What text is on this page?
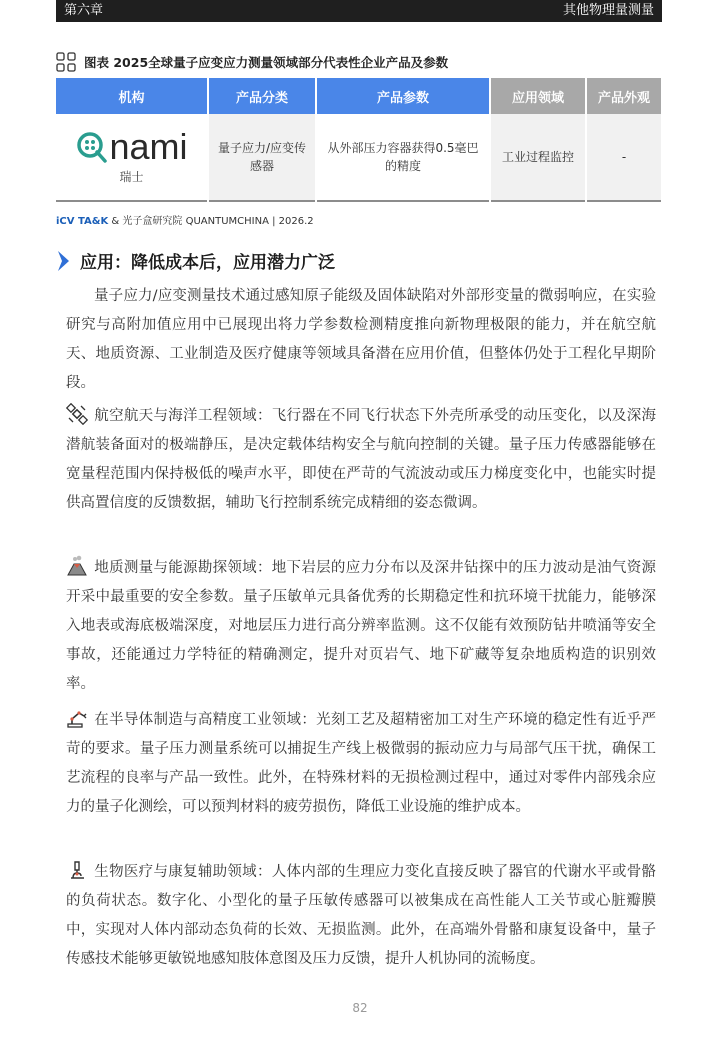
第六章	其他物理量测量
图表 2025全球量子应变应力测量领域部分代表性企业产品及参数
机构	产品分类	产品参数	应用领域	产品外观

nami
瑞士	量子应力/应变传感器	从外部压力容器获得0.5毫巴的精度	工业过程监控	-
iCV TA&K & 光子盒研究院 QUANTUMCHINA | 2026.2
应用：降低成本后，应用潜力广泛
量子应力/应变测量技术通过感知原子能级及固体缺陷对外部形变量的微弱响应，在实验研究与高附加值应用中已展现出将力学参数检测精度推向新物理极限的能力，并在航空航天、地质资源、工业制造及医疗健康等领域具备潜在应用价值，但整体仍处于工程化早期阶段。
航空航天与海洋工程领域：飞行器在不同飞行状态下外壳所承受的动压变化，以及深海潜航装备面对的极端静压，是决定载体结构安全与航向控制的关键。量子压力传感器能够在宽量程范围内保持极低的噪声水平，即使在严苛的气流波动或压力梯度变化中，也能实时提供高置信度的反馈数据，辅助飞行控制系统完成精细的姿态微调。
地质测量与能源勘探领域：地下岩层的应力分布以及深井钻探中的压力波动是油气资源开采中最重要的安全参数。量子压敏单元具备优秀的长期稳定性和抗环境干扰能力，能够深入地表或海底极端深度，对地层压力进行高分辨率监测。这不仅能有效预防钻井喷涌等安全事故，还能通过力学特征的精确测定，提升对页岩气、地下矿藏等复杂地质构造的识别效率。
在半导体制造与高精度工业领域：光刻工艺及超精密加工对生产环境的稳定性有近乎严苛的要求。量子压力测量系统可以捕捉生产线上极微弱的振动应力与局部气压干扰，确保工艺流程的良率与产品一致性。此外，在特殊材料的无损检测过程中，通过对零件内部残余应力的量子化测绘，可以预判材料的疲劳损伤，降低工业设施的维护成本。
生物医疗与康复辅助领域：人体内部的生理应力变化直接反映了器官的代谢水平或骨骼的负荷状态。数字化、小型化的量子压敏传感器可以被集成在高性能人工关节或心脏瓣膜中，实现对人体内部动态负荷的长效、无损监测。此外，在高端外骨骼和康复设备中，量子传感技术能够更敏锐地感知肢体意图及压力反馈，提升人机协同的流畅度。
82
